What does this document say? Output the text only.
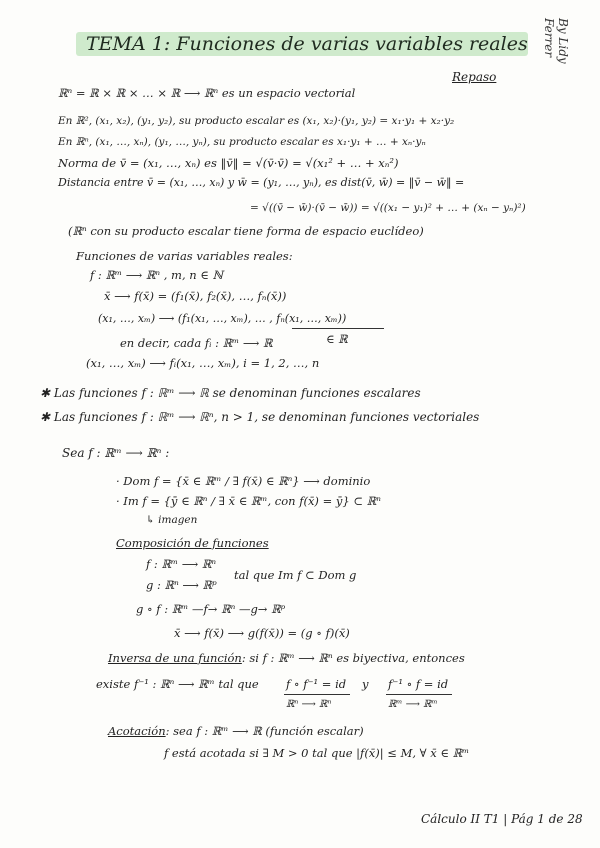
TEMA 1: Funciones de varias variables reales By Lidy Ferrer
Repaso
ℝⁿ = ℝ × ℝ × … × ℝ ⟶ ℝⁿ es un espacio vectorial
En ℝ², (x₁, x₂), (y₁, y₂), su producto escalar es (x₁, x₂)·(y₁, y₂) = x₁·y₁ + x₂·y₂
En ℝⁿ, (x₁, …, xₙ), (y₁, …, yₙ), su producto escalar es x₁·y₁ + … + xₙ·yₙ
Norma de v̄ = (x₁, …, xₙ) es ‖v̄‖ = √(v̄·v̄) = √(x₁² + … + xₙ²)
Distancia entre v̄ = (x₁, …, xₙ) y w̄ = (y₁, …, yₙ), es dist(v̄, w̄) = ‖v̄ − w̄‖ =
= √((v̄ − w̄)·(v̄ − w̄)) = √((x₁ − y₁)² + … + (xₙ − yₙ)²)
(ℝⁿ con su producto escalar tiene forma de espacio euclídeo)
Funciones de varias variables reales:
f : ℝᵐ ⟶ ℝⁿ , m, n ∈ ℕ
x̄ ⟶ f(x̄) = (f₁(x̄), f₂(x̄), …, fₙ(x̄))
(x₁, …, xₘ) ⟶ (f₁(x₁, …, xₘ), … , fₙ(x₁, …, xₘ))
en decir, cada fᵢ : ℝᵐ ⟶ ℝ	∈ ℝ
(x₁, …, xₘ) ⟶ fᵢ(x₁, …, xₘ), i = 1, 2, …, n
✱ Las funciones f : ℝᵐ ⟶ ℝ se denominan funciones escalares
✱ Las funciones f : ℝᵐ ⟶ ℝⁿ, n > 1, se denominan funciones vectoriales
Sea f : ℝᵐ ⟶ ℝⁿ :
· Dom f = {x̄ ∈ ℝᵐ / ∃ f(x̄) ∈ ℝⁿ} ⟶ dominio
· Im f = {ȳ ∈ ℝⁿ / ∃ x̄ ∈ ℝᵐ, con f(x̄) = ȳ} ⊂ ℝⁿ
↳ imagen
Composición de funciones
f : ℝᵐ ⟶ ℝⁿ
tal que Im f ⊂ Dom g
g : ℝⁿ ⟶ ℝᵖ
g ∘ f : ℝᵐ —f→ ℝⁿ —g→ ℝᵖ
x̄ ⟶ f(x̄) ⟶ g(f(x̄)) = (g ∘ f)(x̄)
Inversa de una función: si f : ℝᵐ ⟶ ℝⁿ es biyectiva, entonces
existe f⁻¹ : ℝⁿ ⟶ ℝᵐ tal que f ∘ f⁻¹ = id y f⁻¹ ∘ f = id
ℝⁿ ⟶ ℝⁿ	ℝᵐ ⟶ ℝᵐ
Acotación: sea f : ℝᵐ ⟶ ℝ (función escalar)
f está acotada si ∃ M > 0 tal que |f(x̄)| ≤ M, ∀ x̄ ∈ ℝᵐ
Cálculo II T1 | Pág 1 de 28
